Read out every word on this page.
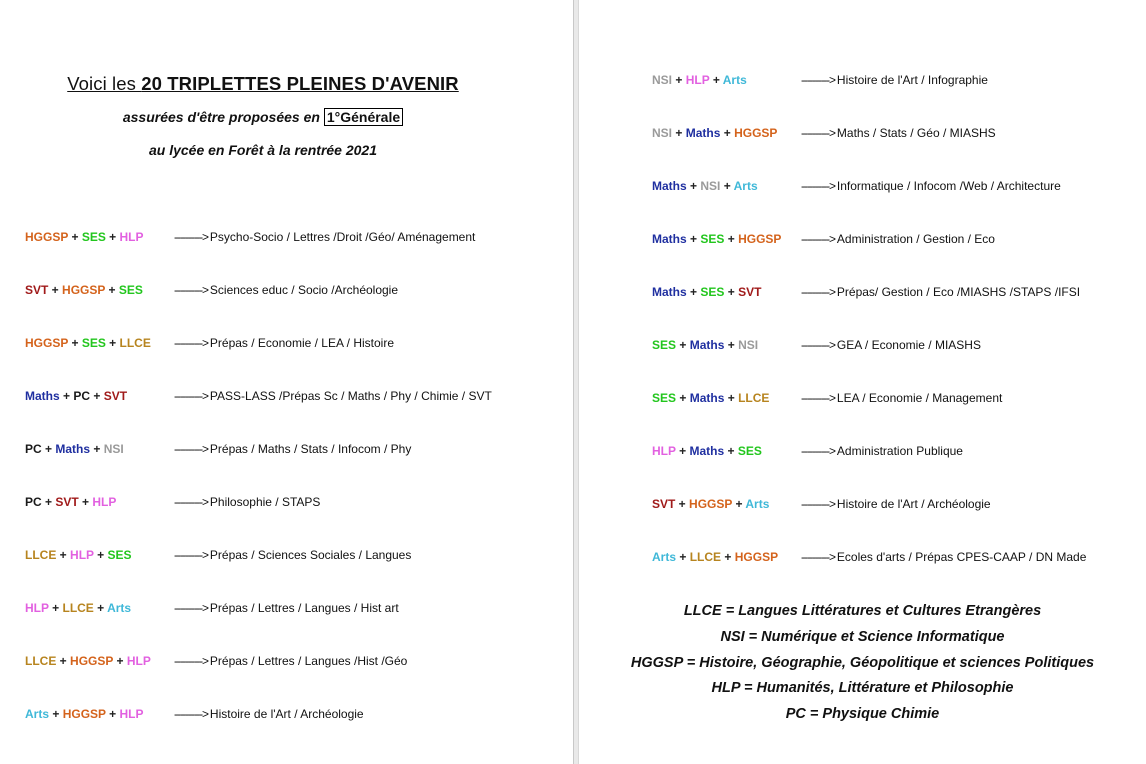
Voici les 20 TRIPLETTES PLEINES D'AVENIR
assurées d'être proposées en 1°Générale
au lycée en Forêt à la rentrée 2021
HGGSP + SES + HLP	----------> Psycho-Socio / Lettres /Droit /Géo/ Aménagement
SVT + HGGSP + SES	----------> Sciences educ / Socio /Archéologie
HGGSP + SES + LLCE ----------> Prépas / Economie / LEA / Histoire
Maths + PC + SVT	----------> PASS-LASS /Prépas Sc / Maths / Phy / Chimie / SVT
PC + Maths + NSI	----------> Prépas / Maths / Stats / Infocom / Phy
PC + SVT + HLP	----------> Philosophie / STAPS
LLCE + HLP + SES	----------> Prépas / Sciences Sociales / Langues
HLP + LLCE + Arts	----------> Prépas / Lettres / Langues / Hist art
LLCE + HGGSP + HLP ----------> Prépas / Lettres / Langues /Hist /Géo
Arts + HGGSP + HLP	----------> Histoire de l'Art / Archéologie
NSI + HLP + Arts	----------> Histoire de l'Art / Infographie
NSI + Maths + HGGSP ----------> Maths / Stats / Géo / MIASHS
Maths + NSI + Arts	----------> Informatique / Infocom /Web / Architecture
Maths + SES + HGGSP ----------> Administration / Gestion / Eco
Maths + SES + SVT	----------> Prépas/ Gestion / Eco /MIASHS /STAPS /IFSI
SES + Maths + NSI	----------> GEA / Economie / MIASHS
SES + Maths + LLCE	----------> LEA / Economie / Management
HLP + Maths + SES	----------> Administration Publique
SVT + HGGSP + Arts	----------> Histoire de l'Art / Archéologie
Arts + LLCE + HGGSP ----------> Ecoles d'arts / Prépas CPES-CAAP / DN Made
LLCE = Langues Littératures et Cultures Etrangères
NSI = Numérique et Science Informatique
HGGSP = Histoire, Géographie, Géopolitique et sciences Politiques
HLP = Humanités, Littérature et Philosophie
PC = Physique Chimie
